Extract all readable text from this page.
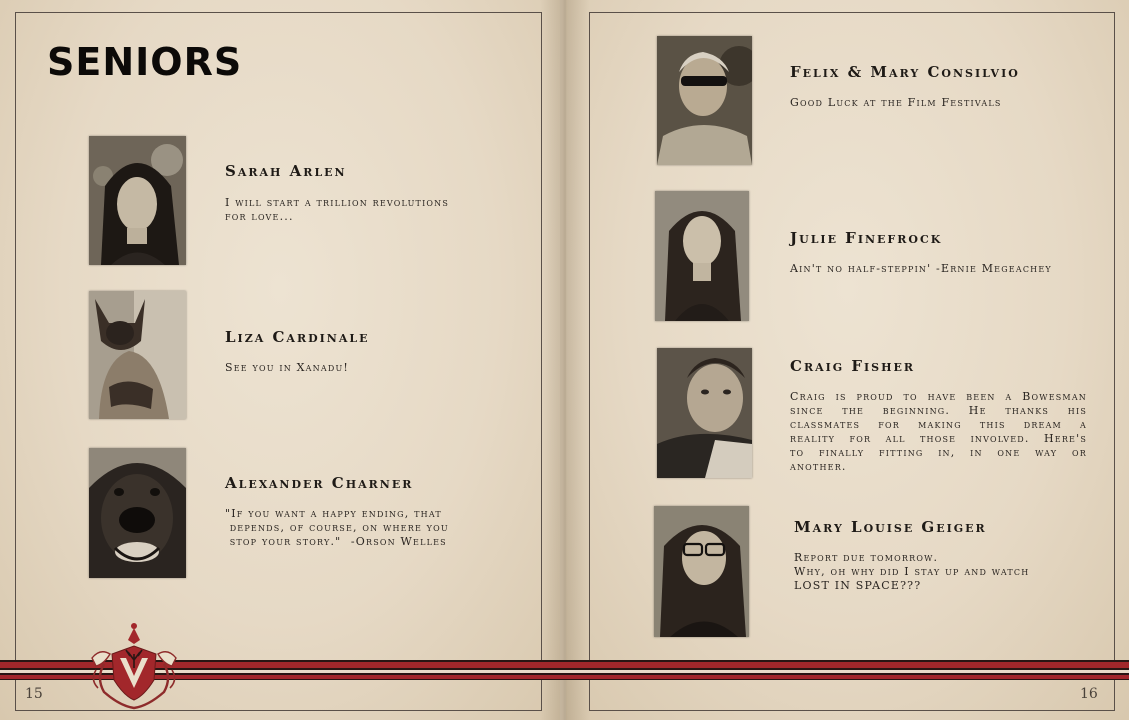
SENIORS
Sarah Arlen

I will start a trillion revolutions
for love...

Liza Cardinale

See you in Xanadu!

Alexander Charner

"If you want a happy ending, that
depends, of course, on where you
stop your story."  -Orson Welles

Felix & Mary Consilvio

Good Luck at the Film Festivals

Julie Finefrock

Ain't no half-steppin' -Ernie Megeachey

Craig Fisher

Craig is proud to have been a Bowesman
since the beginning. He thanks his
classmates for making this dream a
reality for all those involved. Here's
to finally fitting in, in one way or
another.

Mary Louise Geiger

Report due tomorrow.
Why, oh why did I stay up and watch
LOST IN SPACE???

15	16
